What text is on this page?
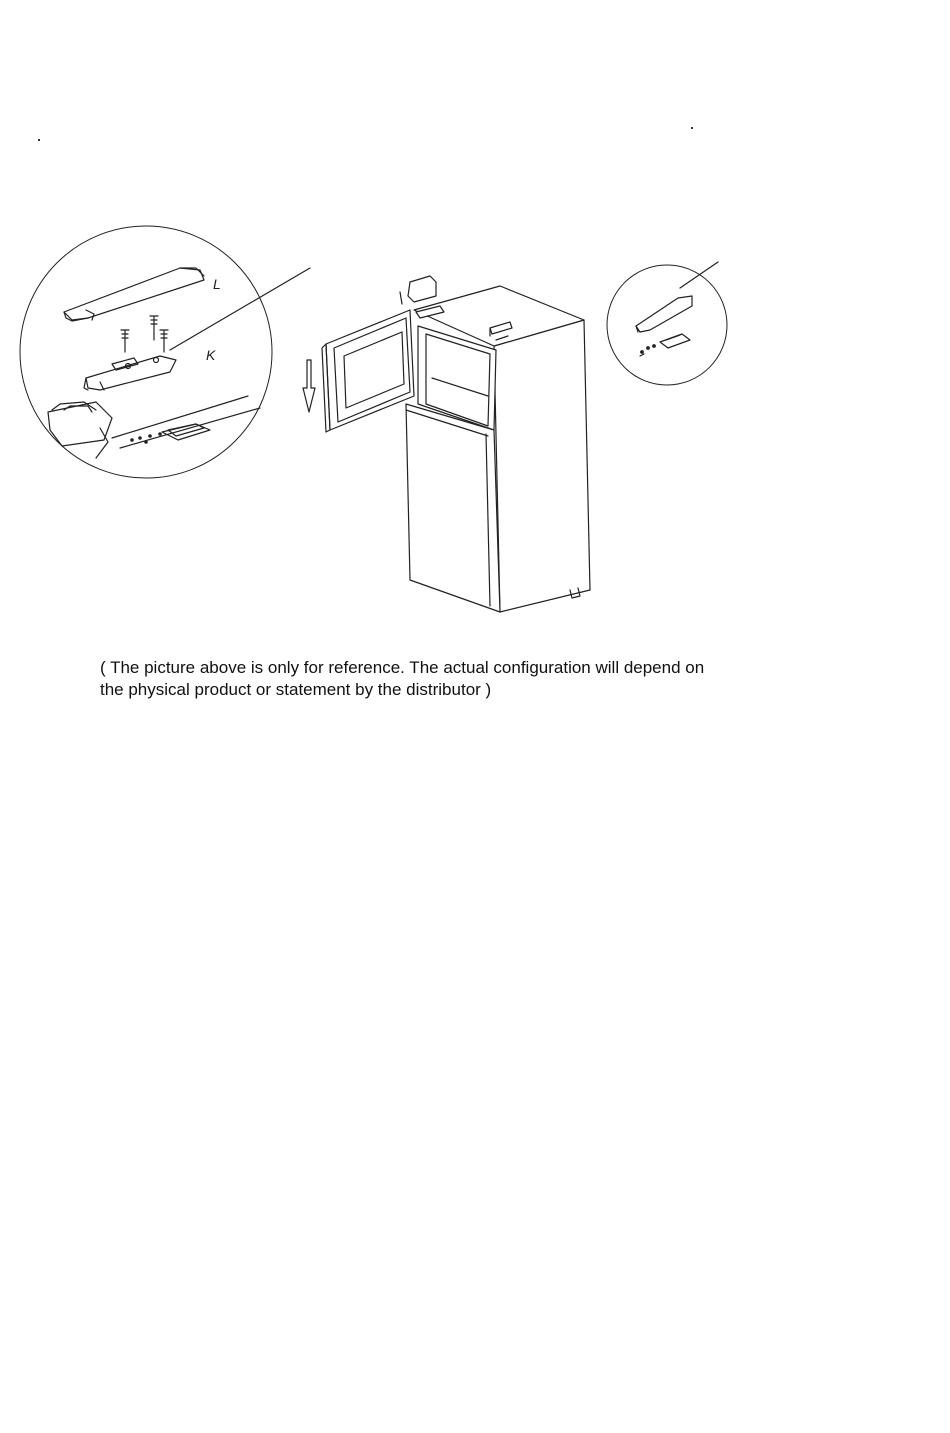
L
K
( The picture above is only for reference. The actual configuration will depend on
the physical product or statement by the distributor )
